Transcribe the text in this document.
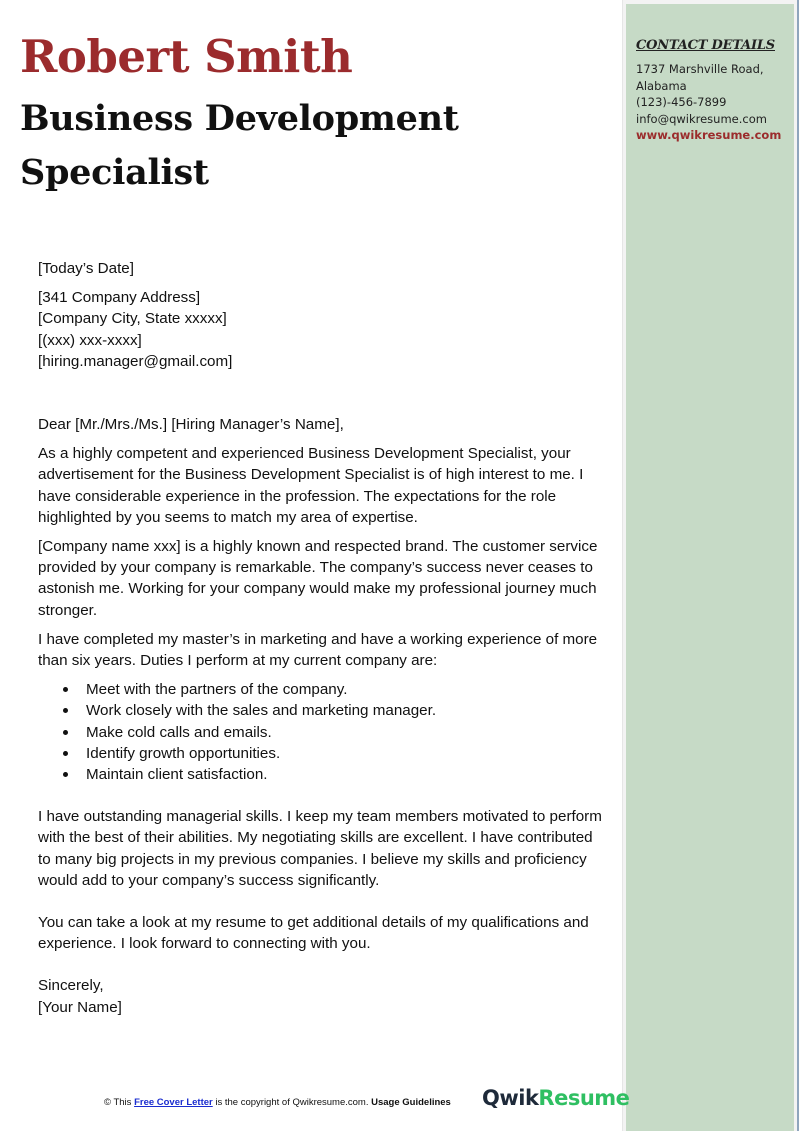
CONTACT DETAILS
1737 Marshville Road,
Alabama
(123)-456-7899
info@qwikresume.com
www.qwikresume.com
Robert Smith
Business Development
Specialist

[Today’s Date]

[341 Company Address]

[Company City, State xxxxx]

[(xxx) xxx-xxxx]

[hiring.manager@gmail.com]

Dear [Mr./Mrs./Ms.] [Hiring Manager’s Name],

As a highly competent and experienced Business Development Specialist, your advertisement for the Business Development Specialist is of high interest to me. I have considerable experience in the profession. The expectations for the role highlighted by you seems to match my area of expertise.

[Company name xxx] is a highly known and respected brand. The customer service provided by your company is remarkable. The company’s success never ceases to astonish me. Working for your company would make my professional journey much stronger.

I have completed my master’s in marketing and have a working experience of more than six years. Duties I perform at my current company are:

Meet with the partners of the company.
Work closely with the sales and marketing manager.
Make cold calls and emails.
Identify growth opportunities.
Maintain client satisfaction.

I have outstanding managerial skills. I keep my team members motivated to perform with the best of their abilities. My negotiating skills are excellent. I have contributed to many big projects in my previous companies. I believe my skills and proficiency would add to your company’s success significantly.

You can take a look at my resume to get additional details of my qualifications and experience. I look forward to connecting with you.

Sincerely,

[Your Name]

© This Free Cover Letter is the copyright of Qwikresume.com. Usage Guidelines QwikResume
